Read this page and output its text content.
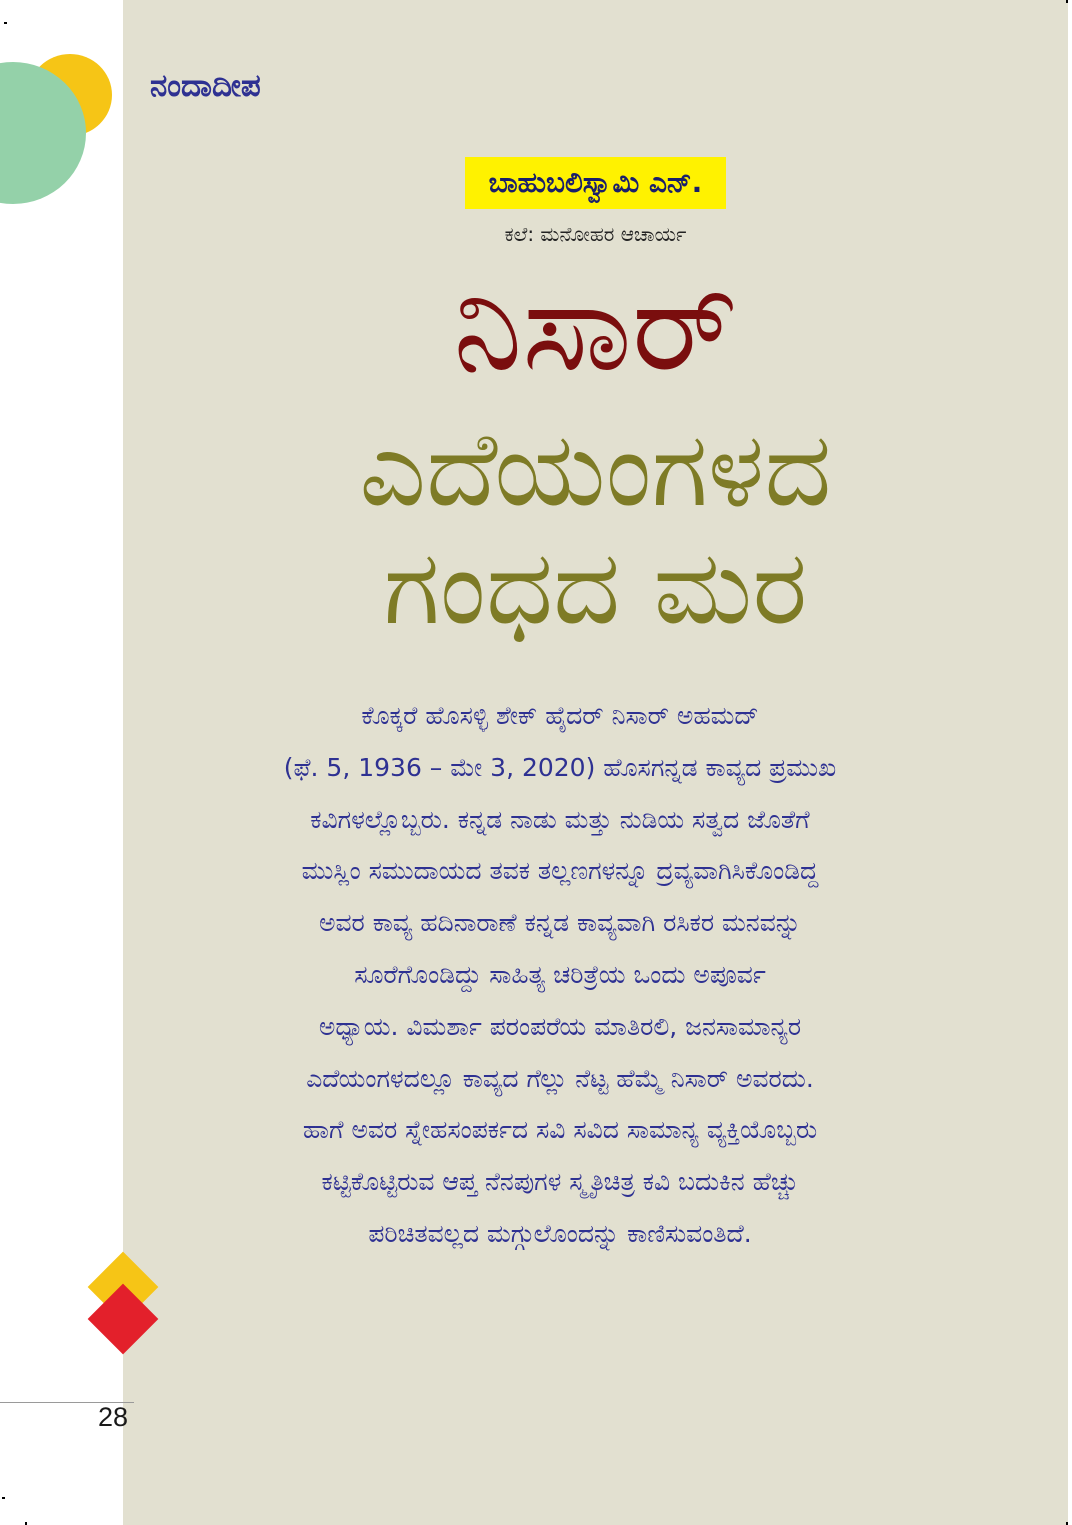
ನಂದಾದೀಪ
ಬಾಹುಬಲಿಸ್ವಾಮಿ ಎನ್.
ಕಲೆ: ಮನೋಹರ ಆಚಾರ್ಯ
ನಿಸಾರ್
ಎದೆಯಂಗಳದ
ಗಂಧದ ಮರ
ಕೊಕ್ಕರೆ ಹೊಸಳ್ಳಿ ಶೇಕ್ ಹೈದರ್ ನಿಸಾರ್ ಅಹಮದ್
(ಫೆ. 5, 1936 – ಮೇ 3, 2020) ಹೊಸಗನ್ನಡ ಕಾವ್ಯದ ಪ್ರಮುಖ
ಕವಿಗಳಲ್ಲೊಬ್ಬರು. ಕನ್ನಡ ನಾಡು ಮತ್ತು ನುಡಿಯ ಸತ್ವದ ಜೊತೆಗೆ
ಮುಸ್ಲಿಂ ಸಮುದಾಯದ ತವಕ ತಲ್ಲಣಗಳನ್ನೂ ದ್ರವ್ಯವಾಗಿಸಿಕೊಂಡಿದ್ದ
ಅವರ ಕಾವ್ಯ ಹದಿನಾರಾಣೆ ಕನ್ನಡ ಕಾವ್ಯವಾಗಿ ರಸಿಕರ ಮನವನ್ನು
ಸೂರೆಗೊಂಡಿದ್ದು ಸಾಹಿತ್ಯ ಚರಿತ್ರೆಯ ಒಂದು ಅಪೂರ್ವ
ಅಧ್ಯಾಯ. ವಿಮರ್ಶಾ ಪರಂಪರೆಯ ಮಾತಿರಲಿ, ಜನಸಾಮಾನ್ಯರ
ಎದೆಯಂಗಳದಲ್ಲೂ ಕಾವ್ಯದ ಗೆಲ್ಲು ನೆಟ್ಟ ಹೆಮ್ಮೆ ನಿಸಾರ್ ಅವರದು.
ಹಾಗೆ ಅವರ ಸ್ನೇಹಸಂಪರ್ಕದ ಸವಿ ಸವಿದ ಸಾಮಾನ್ಯ ವ್ಯಕ್ತಿಯೊಬ್ಬರು
ಕಟ್ಟಿಕೊಟ್ಟಿರುವ ಆಪ್ತ ನೆನಪುಗಳ ಸ್ಮೃತಿಚಿತ್ರ ಕವಿ ಬದುಕಿನ ಹೆಚ್ಚು
ಪರಿಚಿತವಲ್ಲದ ಮಗ್ಗುಲೊಂದನ್ನು ಕಾಣಿಸುವಂತಿದೆ.
28
